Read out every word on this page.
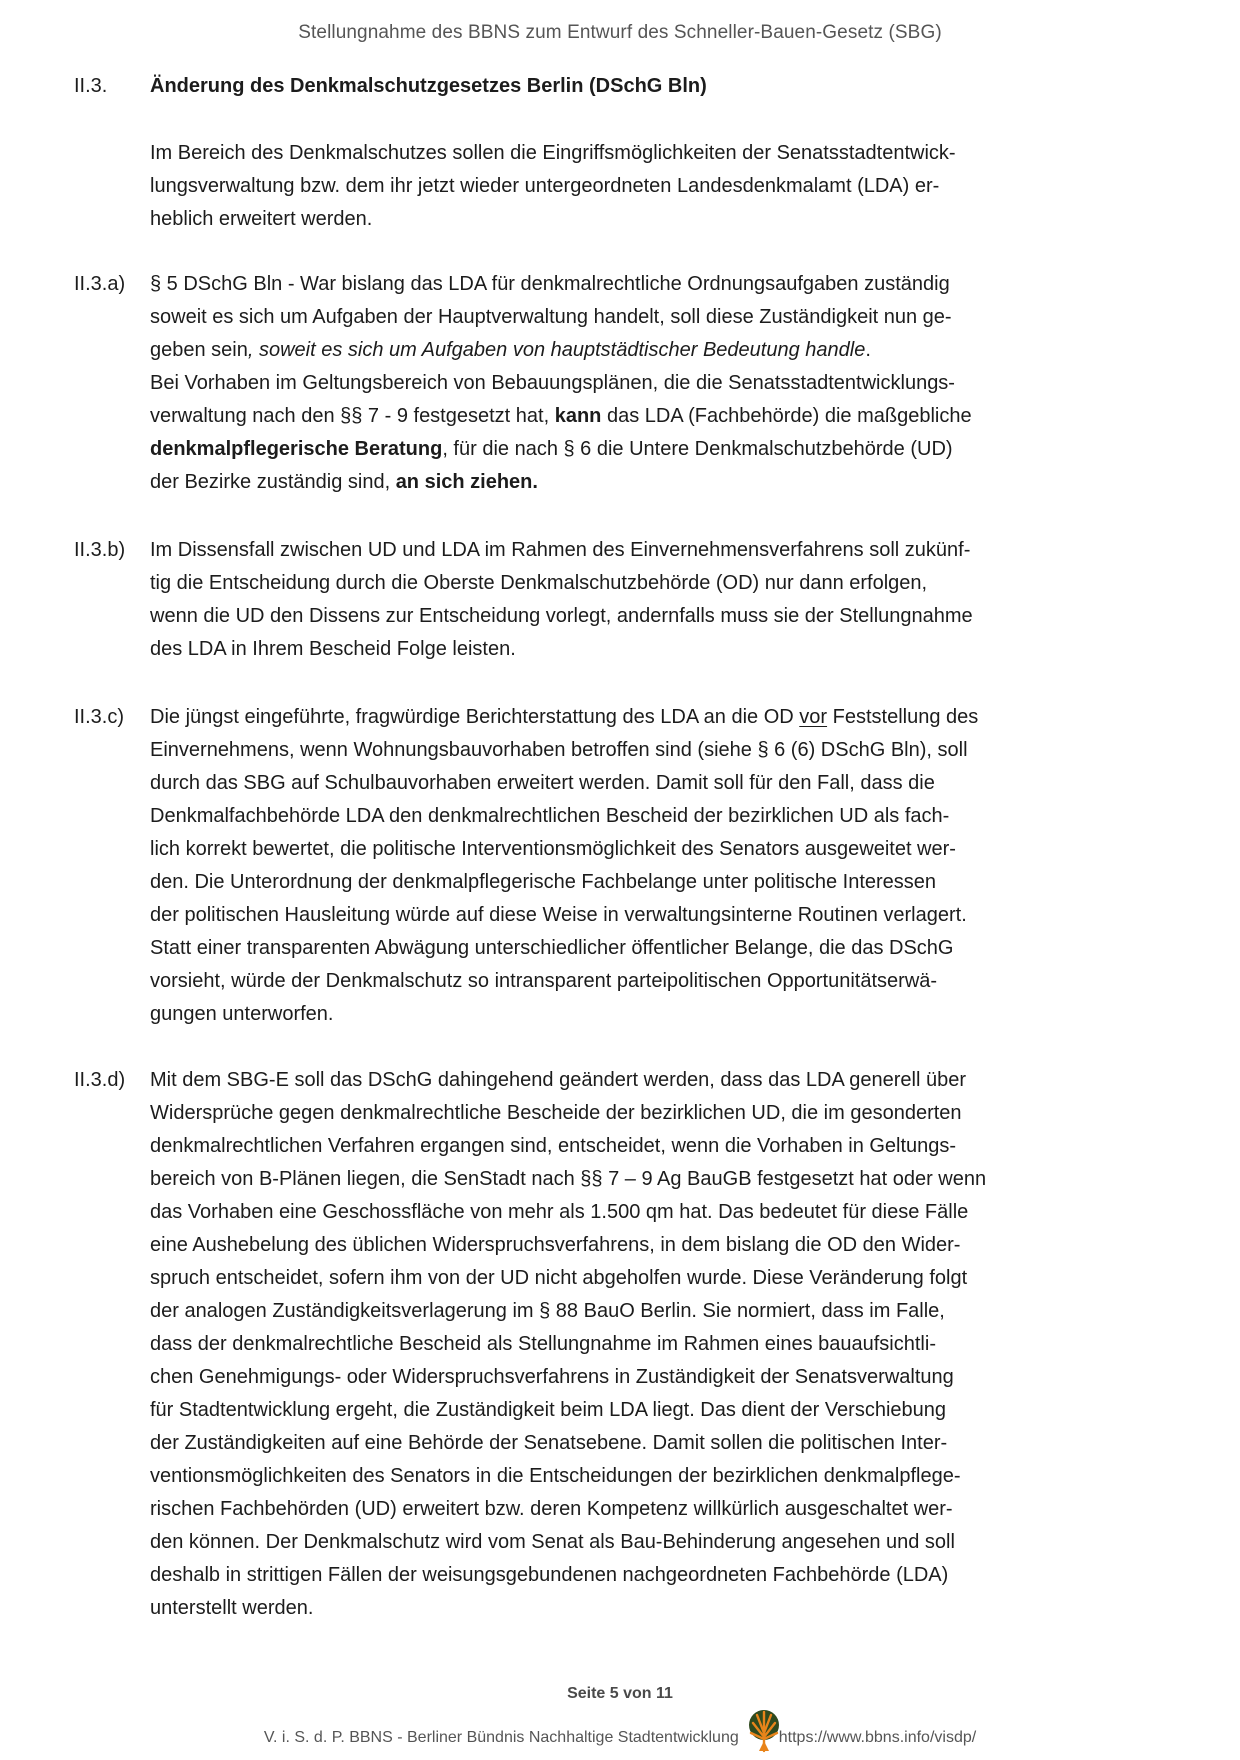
Stellungnahme des BBNS zum Entwurf des Schneller-Bauen-Gesetz (SBG)
II.3. Änderung des Denkmalschutzgesetzes Berlin (DSchG Bln)
Im Bereich des Denkmalschutzes sollen die Eingriffsmöglichkeiten der Senatsstadtentwick-
lungsverwaltung bzw. dem ihr jetzt wieder untergeordneten Landesdenkmalamt (LDA) er-
heblich erweitert werden.
II.3.a) § 5 DSchG Bln - War bislang das LDA für denkmalrechtliche Ordnungsaufgaben zuständig
soweit es sich um Aufgaben der Hauptverwaltung handelt, soll diese Zuständigkeit nun ge-
geben sein, soweit es sich um Aufgaben von hauptstädtischer Bedeutung handle.
Bei Vorhaben im Geltungsbereich von Bebauungsplänen, die die Senatsstadtentwicklungs-
verwaltung nach den §§ 7 - 9 festgesetzt hat, kann das LDA (Fachbehörde) die maßgebliche
denkmalpflegerische Beratung, für die nach § 6 die Untere Denkmalschutzbehörde (UD)
der Bezirke zuständig sind, an sich ziehen.
II.3.b) Im Dissensfall zwischen UD und LDA im Rahmen des Einvernehmensverfahrens soll zukünf-
tig die Entscheidung durch die Oberste Denkmalschutzbehörde (OD) nur dann erfolgen,
wenn die UD den Dissens zur Entscheidung vorlegt, andernfalls muss sie der Stellungnahme
des LDA in Ihrem Bescheid Folge leisten.
II.3.c) Die jüngst eingeführte, fragwürdige Berichterstattung des LDA an die OD vor Feststellung des
Einvernehmens, wenn Wohnungsbauvorhaben betroffen sind (siehe § 6 (6) DSchG Bln), soll
durch das SBG auf Schulbauvorhaben erweitert werden. Damit soll für den Fall, dass die
Denkmalfachbehörde LDA den denkmalrechtlichen Bescheid der bezirklichen UD als fach-
lich korrekt bewertet, die politische Interventionsmöglichkeit des Senators ausgeweitet wer-
den. Die Unterordnung der denkmalpflegerische Fachbelange unter politische Interessen
der politischen Hausleitung würde auf diese Weise in verwaltungsinterne Routinen verlagert.
Statt einer transparenten Abwägung unterschiedlicher öffentlicher Belange, die das DSchG
vorsieht, würde der Denkmalschutz so intransparent parteipolitischen Opportunitätserwä-
gungen unterworfen.
II.3.d) Mit dem SBG-E soll das DSchG dahingehend geändert werden, dass das LDA generell über
Widersprüche gegen denkmalrechtliche Bescheide der bezirklichen UD, die im gesonderten
denkmalrechtlichen Verfahren ergangen sind, entscheidet, wenn die Vorhaben in Geltungs-
bereich von B-Plänen liegen, die SenStadt nach §§ 7 – 9 Ag BauGB festgesetzt hat oder wenn
das Vorhaben eine Geschossfläche von mehr als 1.500 qm hat. Das bedeutet für diese Fälle
eine Aushebelung des üblichen Widerspruchsverfahrens, in dem bislang die OD den Wider-
spruch entscheidet, sofern ihm von der UD nicht abgeholfen wurde. Diese Veränderung folgt
der analogen Zuständigkeitsverlagerung im § 88 BauO Berlin. Sie normiert, dass im Falle,
dass der denkmalrechtliche Bescheid als Stellungnahme im Rahmen eines bauaufsichtli-
chen Genehmigungs- oder Widerspruchsverfahrens in Zuständigkeit der Senatsverwaltung
für Stadtentwicklung ergeht, die Zuständigkeit beim LDA liegt. Das dient der Verschiebung
der Zuständigkeiten auf eine Behörde der Senatsebene. Damit sollen die politischen Inter-
ventionsmöglichkeiten des Senators in die Entscheidungen der bezirklichen denkmalpflege-
rischen Fachbehörden (UD) erweitert bzw. deren Kompetenz willkürlich ausgeschaltet wer-
den können. Der Denkmalschutz wird vom Senat als Bau-Behinderung angesehen und soll
deshalb in strittigen Fällen der weisungsgebundenen nachgeordneten Fachbehörde (LDA)
unterstellt werden.
Seite 5 von 11
V. i. S. d. P. BBNS - Berliner Bündnis Nachhaltige Stadtentwicklung	https://www.bbns.info/visdp/
